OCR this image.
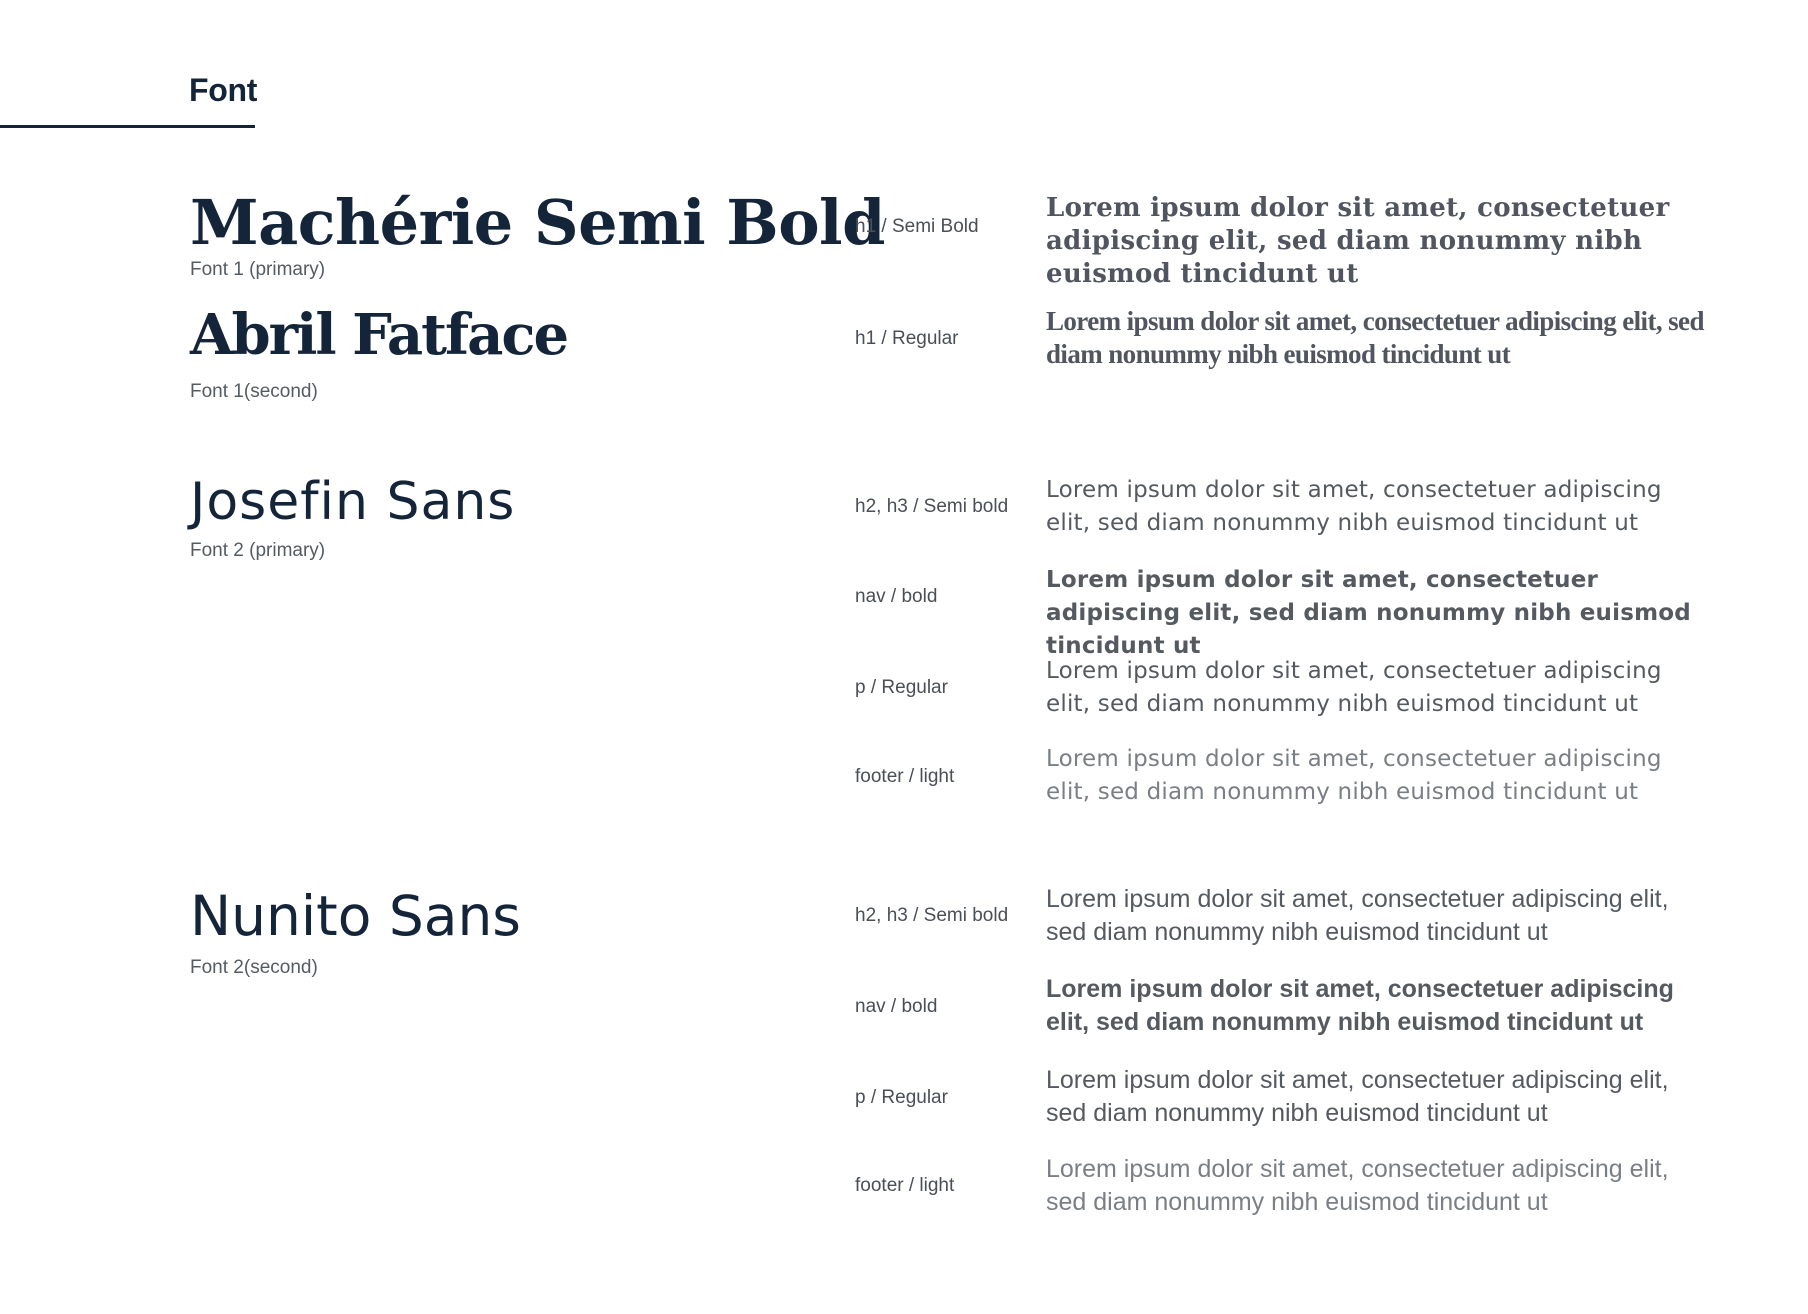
Font
Machérie Semi Bold
Font 1 (primary)
h1 / Semi Bold
Lorem ipsum dolor sit amet, consectetuer adipiscing elit, sed diam nonummy nibh euismod tincidunt ut
Abril Fatface
Font 1(second)
h1 / Regular
Lorem ipsum dolor sit amet, consectetuer adipiscing elit, sed diam nonummy nibh euismod tincidunt ut
Josefin Sans
Font 2 (primary)
h2, h3 / Semi bold
Lorem ipsum dolor sit amet, consectetuer adipiscing elit, sed diam nonummy nibh euismod tincidunt ut
nav / bold
Lorem ipsum dolor sit amet, consectetuer adipiscing elit, sed diam nonummy nibh euismod tincidunt ut
p / Regular
Lorem ipsum dolor sit amet, consectetuer adipiscing elit, sed diam nonummy nibh euismod tincidunt ut
footer / light
Lorem ipsum dolor sit amet, consectetuer adipiscing elit, sed diam nonummy nibh euismod tincidunt ut
Nunito Sans
Font 2(second)
h2, h3 / Semi bold
Lorem ipsum dolor sit amet, consectetuer adipiscing elit, sed diam nonummy nibh euismod tincidunt ut
nav / bold
Lorem ipsum dolor sit amet, consectetuer adipiscing elit, sed diam nonummy nibh euismod tincidunt ut
p / Regular
Lorem ipsum dolor sit amet, consectetuer adipiscing elit, sed diam nonummy nibh euismod tincidunt ut
footer / light
Lorem ipsum dolor sit amet, consectetuer adipiscing elit, sed diam nonummy nibh euismod tincidunt ut
